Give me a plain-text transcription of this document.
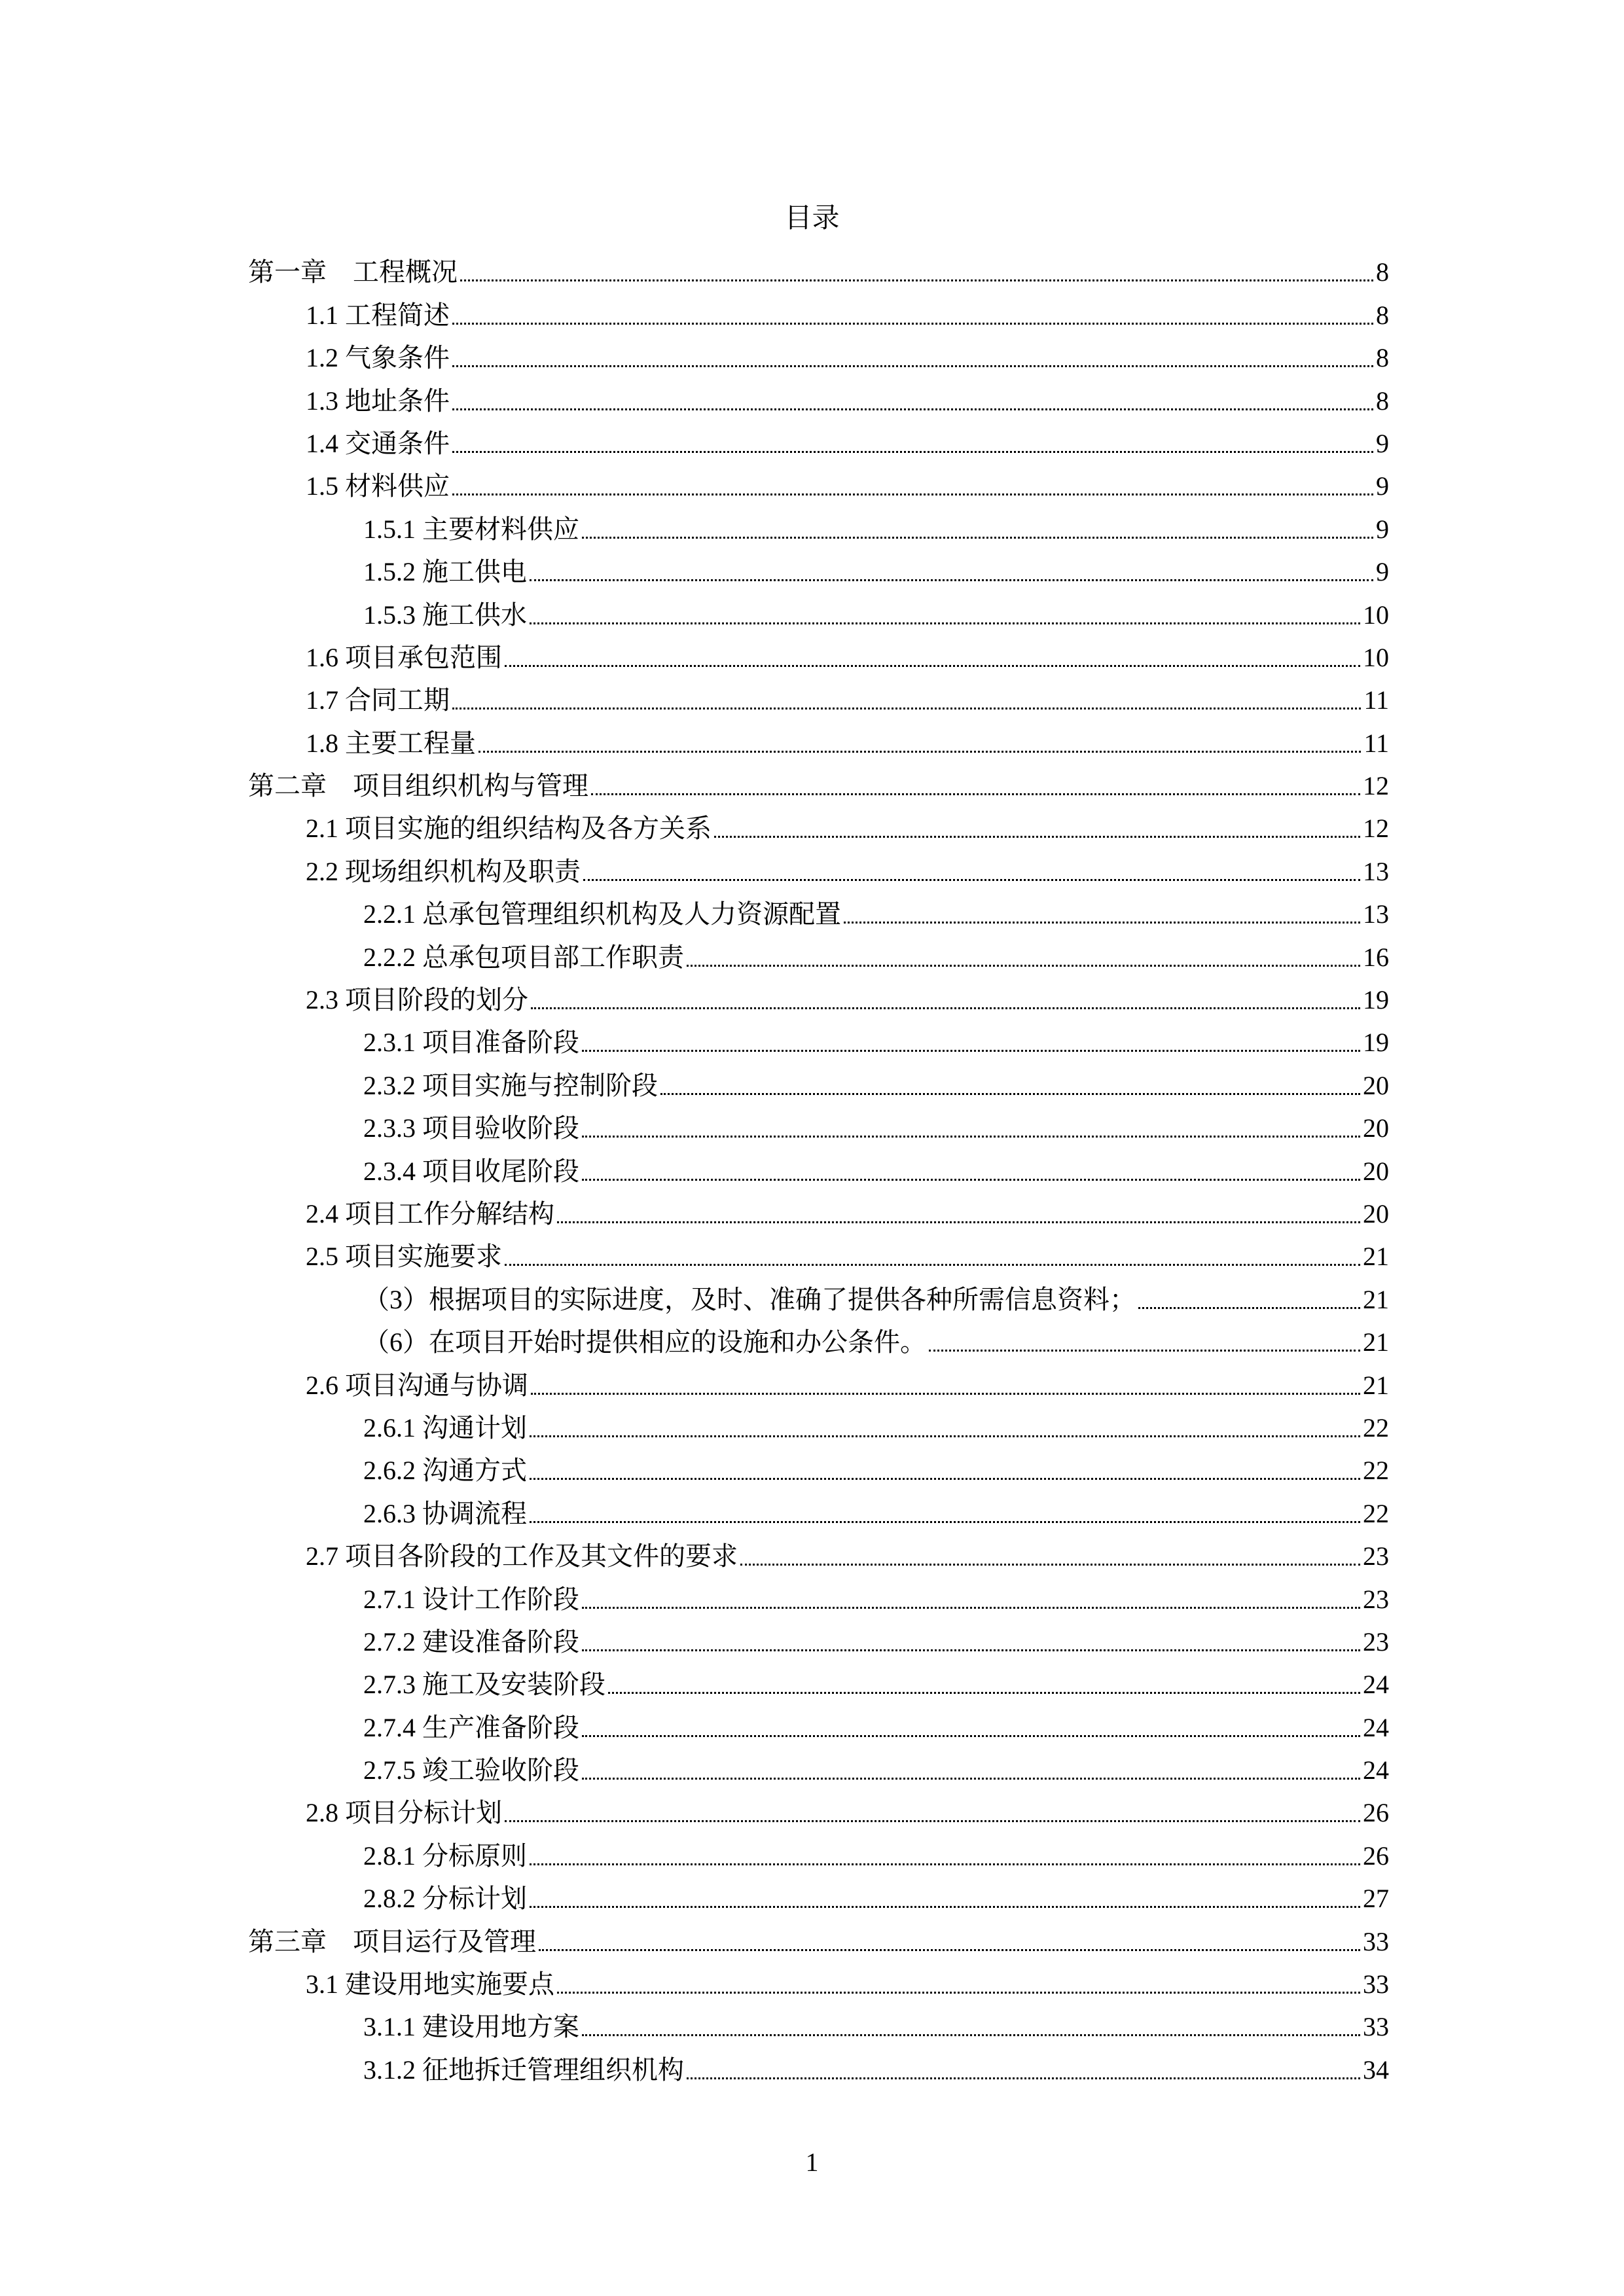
目录
第一章　工程概况	8
1.1 工程简述	8
1.2 气象条件	8
1.3 地址条件	8
1.4 交通条件	9
1.5 材料供应	9
1.5.1 主要材料供应	9
1.5.2 施工供电	9
1.5.3 施工供水	10
1.6 项目承包范围	10
1.7 合同工期	11
1.8 主要工程量	11
第二章　项目组织机构与管理	12
2.1 项目实施的组织结构及各方关系	12
2.2 现场组织机构及职责	13
2.2.1 总承包管理组织机构及人力资源配置	13
2.2.2 总承包项目部工作职责	16
2.3 项目阶段的划分	19
2.3.1 项目准备阶段	19
2.3.2 项目实施与控制阶段	20
2.3.3 项目验收阶段	20
2.3.4 项目收尾阶段	20
2.4 项目工作分解结构	20
2.5 项目实施要求	21
（3）根据项目的实际进度，及时、准确了提供各种所需信息资料；	21
（6）在项目开始时提供相应的设施和办公条件。	21
2.6 项目沟通与协调	21
2.6.1 沟通计划	22
2.6.2 沟通方式	22
2.6.3 协调流程	22
2.7 项目各阶段的工作及其文件的要求	23
2.7.1 设计工作阶段	23
2.7.2 建设准备阶段	23
2.7.3 施工及安装阶段	24
2.7.4 生产准备阶段	24
2.7.5 竣工验收阶段	24
2.8 项目分标计划	26
2.8.1 分标原则	26
2.8.2 分标计划	27
第三章　项目运行及管理	33
3.1 建设用地实施要点	33
3.1.1 建设用地方案	33
3.1.2 征地拆迁管理组织机构	34
1
